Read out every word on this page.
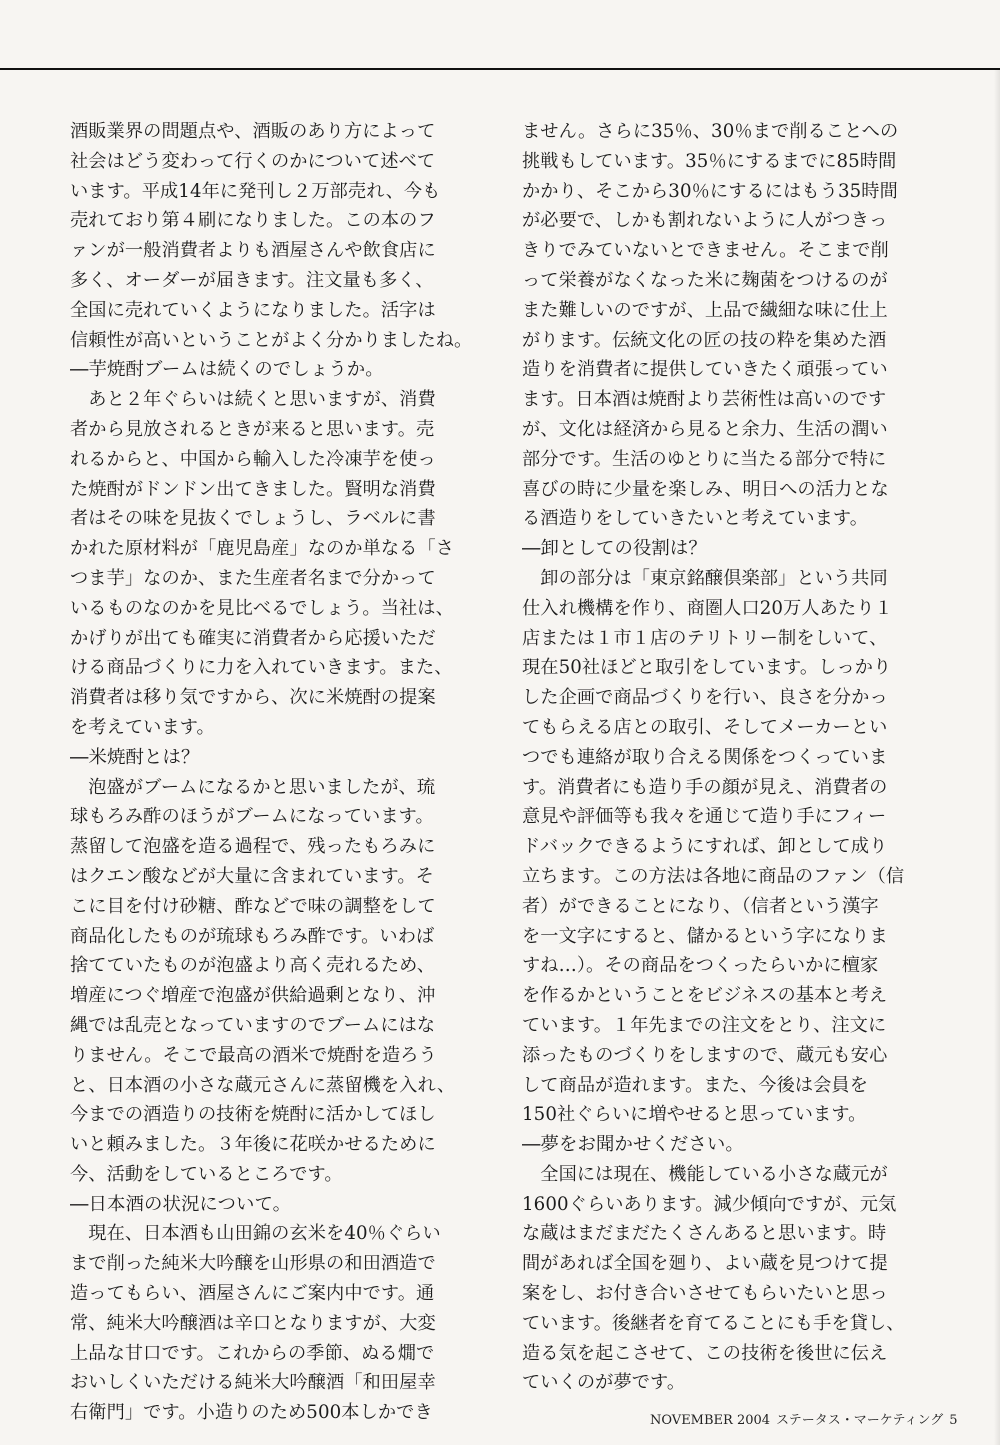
酒販業界の問題点や、酒販のあり方によって
社会はどう変わって行くのかについて述べて
います。平成14年に発刊し２万部売れ、今も
売れており第４刷になりました。この本のフ
ァンが一般消費者よりも酒屋さんや飲食店に
多く、オーダーが届きます。注文量も多く、
全国に売れていくようになりました。活字は
信頼性が高いということがよく分かりましたね。
―芋焼酎ブームは続くのでしょうか。
　あと２年ぐらいは続くと思いますが、消費
者から見放されるときが来ると思います。売
れるからと、中国から輸入した冷凍芋を使っ
た焼酎がドンドン出てきました。賢明な消費
者はその味を見抜くでしょうし、ラベルに書
かれた原材料が「鹿児島産」なのか単なる「さ
つま芋」なのか、また生産者名まで分かって
いるものなのかを見比べるでしょう。当社は、
かげりが出ても確実に消費者から応援いただ
ける商品づくりに力を入れていきます。また、
消費者は移り気ですから、次に米焼酎の提案
を考えています。
―米焼酎とは？
　泡盛がブームになるかと思いましたが、琉
球もろみ酢のほうがブームになっています。
蒸留して泡盛を造る過程で、残ったもろみに
はクエン酸などが大量に含まれています。そ
こに目を付け砂糖、酢などで味の調整をして
商品化したものが琉球もろみ酢です。いわば
捨てていたものが泡盛より高く売れるため、
増産につぐ増産で泡盛が供給過剰となり、沖
縄では乱売となっていますのでブームにはな
りません。そこで最高の酒米で焼酎を造ろう
と、日本酒の小さな蔵元さんに蒸留機を入れ、
今までの酒造りの技術を焼酎に活かしてほし
いと頼みました。３年後に花咲かせるために
今、活動をしているところです。
―日本酒の状況について。
　現在、日本酒も山田錦の玄米を40％ぐらい
まで削った純米大吟醸を山形県の和田酒造で
造ってもらい、酒屋さんにご案内中です。通
常、純米大吟醸酒は辛口となりますが、大変
上品な甘口です。これからの季節、ぬる燗で
おいしくいただける純米大吟醸酒「和田屋幸
右衛門」です。小造りのため500本しかでき
ません。さらに35％、30％まで削ることへの
挑戦もしています。35％にするまでに85時間
かかり、そこから30％にするにはもう35時間
が必要で、しかも割れないように人がつきっ
きりでみていないとできません。そこまで削
って栄養がなくなった米に麹菌をつけるのが
また難しいのですが、上品で繊細な味に仕上
がります。伝統文化の匠の技の粋を集めた酒
造りを消費者に提供していきたく頑張ってい
ます。日本酒は焼酎より芸術性は高いのです
が、文化は経済から見ると余力、生活の潤い
部分です。生活のゆとりに当たる部分で特に
喜びの時に少量を楽しみ、明日への活力とな
る酒造りをしていきたいと考えています。
―卸としての役割は？
　卸の部分は「東京銘醸倶楽部」という共同
仕入れ機構を作り、商圏人口20万人あたり１
店または１市１店のテリトリー制をしいて、
現在50社ほどと取引をしています。しっかり
した企画で商品づくりを行い、良さを分かっ
てもらえる店との取引、そしてメーカーとい
つでも連絡が取り合える関係をつくっていま
す。消費者にも造り手の顔が見え、消費者の
意見や評価等も我々を通じて造り手にフィー
ドバックできるようにすれば、卸として成り
立ちます。この方法は各地に商品のファン（信
者）ができることになり、（信者という漢字
を一文字にすると、儲かるという字になりま
すね…）。その商品をつくったらいかに檀家
を作るかということをビジネスの基本と考え
ています。１年先までの注文をとり、注文に
添ったものづくりをしますので、蔵元も安心
して商品が造れます。また、今後は会員を
150社ぐらいに増やせると思っています。
―夢をお聞かせください。
　全国には現在、機能している小さな蔵元が
1600ぐらいあります。減少傾向ですが、元気
な蔵はまだまだたくさんあると思います。時
間があれば全国を廻り、よい蔵を見つけて提
案をし、お付き合いさせてもらいたいと思っ
ています。後継者を育てることにも手を貸し、
造る気を起こさせて、この技術を後世に伝え
ていくのが夢です。
NOVEMBER 2004 ステータス・マーケティング 5
